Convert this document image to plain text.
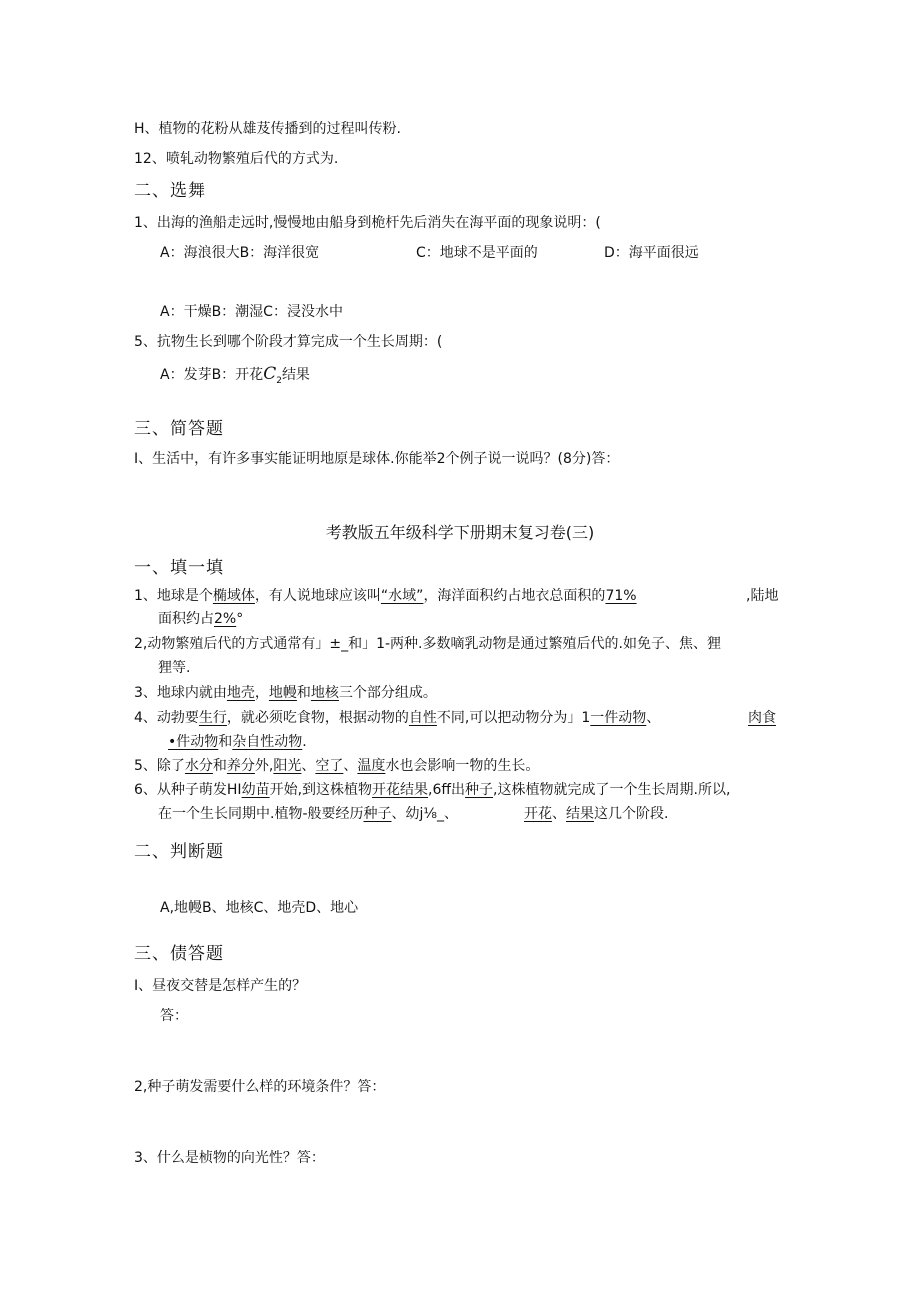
H、植物的花粉从雄芨传播到的过程叫传粉.
12、喷轧动物繁殖后代的方式为.
二、选舞
1、出海的渔船走远时,慢慢地由船身到桅杆先后消失在海平面的现象说明：(
A：海浪很大B：海洋很宽	C：地球不是平面的	D：海平面很远
A：干燥B：潮湿C：浸没水中
5、抗物生长到哪个阶段才算完成一个生长周期：(
A：发芽B：开花$C_2$结果
三、简答题
I、生活中，有许多事实能证明地原是球体.你能举2个例子说一说吗？(8分)答：
考教版五年级科学下册期末复习卷(三)
一、填一填
1、地球是个椭域体，有人说地球应该叫“水域”，海洋面积约占地衣总面积的71%	,陆地
面积约占2%°
2,动物繁殖后代的方式通常有」±_和」1-两种.多数嘀乳动物是通过繁殖后代的.如免子、焦、狸
狸等.
3、地球内就由地壳，地幔和地核三个部分组成。
4、动勃要生行，就必须吃食物，根据动物的自性不同,可以把动物分为」1一件动物、	肉食
•件动物和杂自性动物.
5、除了水分和养分外,阳光、空了、温度水也会影响一物的生长。
6、从种子萌发HI幼苗开始,到这株植物开花结果,6ff出种子,这株植物就完成了一个生长周期.所以,
在一个生长同期中.植物-般要经历种子、幼j⅛_、	开花、结果这几个阶段.
二、判断题
A,地幔B、地核C、地壳D、地心
三、债答题
I、昼夜交替是怎样产生的？
答：
2,种子萌发需要什么样的环境条件？答：
3、什么是桢物的向光性？答：
